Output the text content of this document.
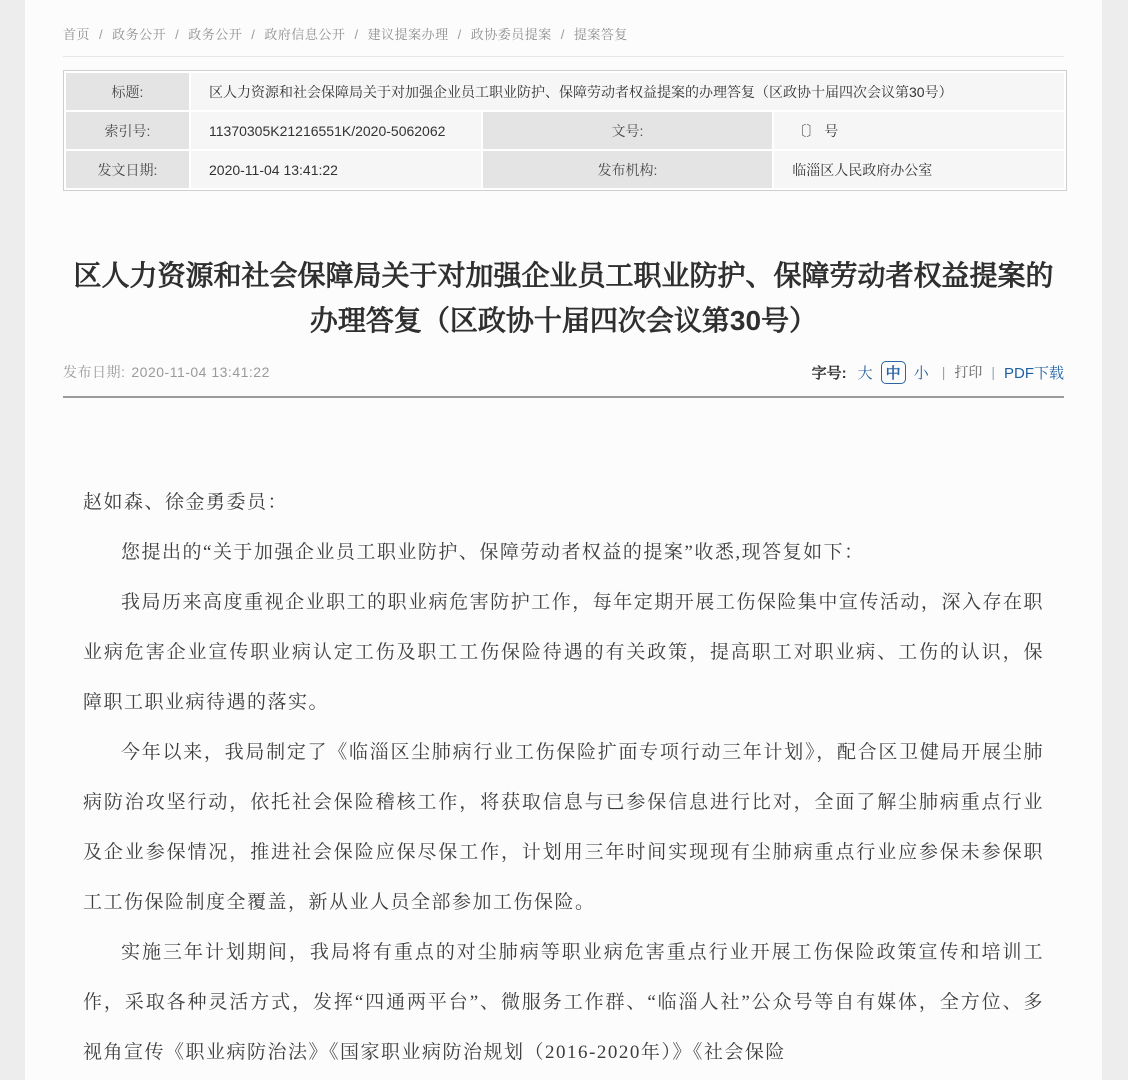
首页 / 政务公开 / 政务公开 / 政府信息公开 / 建议提案办理 / 政协委员提案 / 提案答复
标题:	区人力资源和社会保障局关于对加强企业员工职业防护、保障劳动者权益提案的办理答复（区政协十届四次会议第30号）		
索引号:	11370305K21216551K/2020-5062062	文号:	〔〕 号
发文日期:	2020-11-04 13:41:22	发布机构:	临淄区人民政府办公室
区人力资源和社会保障局关于对加强企业员工职业防护、保障劳动者权益提案的办理答复（区政协十届四次会议第30号）
发布日期: 2020-11-04 13:41:22	字号: 大 中 小 | 打印 | PDF下载

赵如森、徐金勇委员：

您提出的“关于加强企业员工职业防护、保障劳动者权益的提案”收悉,现答复如下：

我局历来高度重视企业职工的职业病危害防护工作，每年定期开展工伤保险集中宣传活动，深入存在职业病危害企业宣传职业病认定工伤及职工工伤保险待遇的有关政策，提高职工对职业病、工伤的认识，保障职工职业病待遇的落实。

今年以来，我局制定了《临淄区尘肺病行业工伤保险扩面专项行动三年计划》，配合区卫健局开展尘肺病防治攻坚行动，依托社会保险稽核工作，将获取信息与已参保信息进行比对，全面了解尘肺病重点行业及企业参保情况，推进社会保险应保尽保工作，计划用三年时间实现现有尘肺病重点行业应参保未参保职工工伤保险制度全覆盖，新从业人员全部参加工伤保险。

实施三年计划期间，我局将有重点的对尘肺病等职业病危害重点行业开展工伤保险政策宣传和培训工作，采取各种灵活方式，发挥“四通两平台”、微服务工作群、“临淄人社”公众号等自有媒体，全方位、多视角宣传《职业病防治法》《国家职业病防治规划（2016-2020年）》《社会保险
